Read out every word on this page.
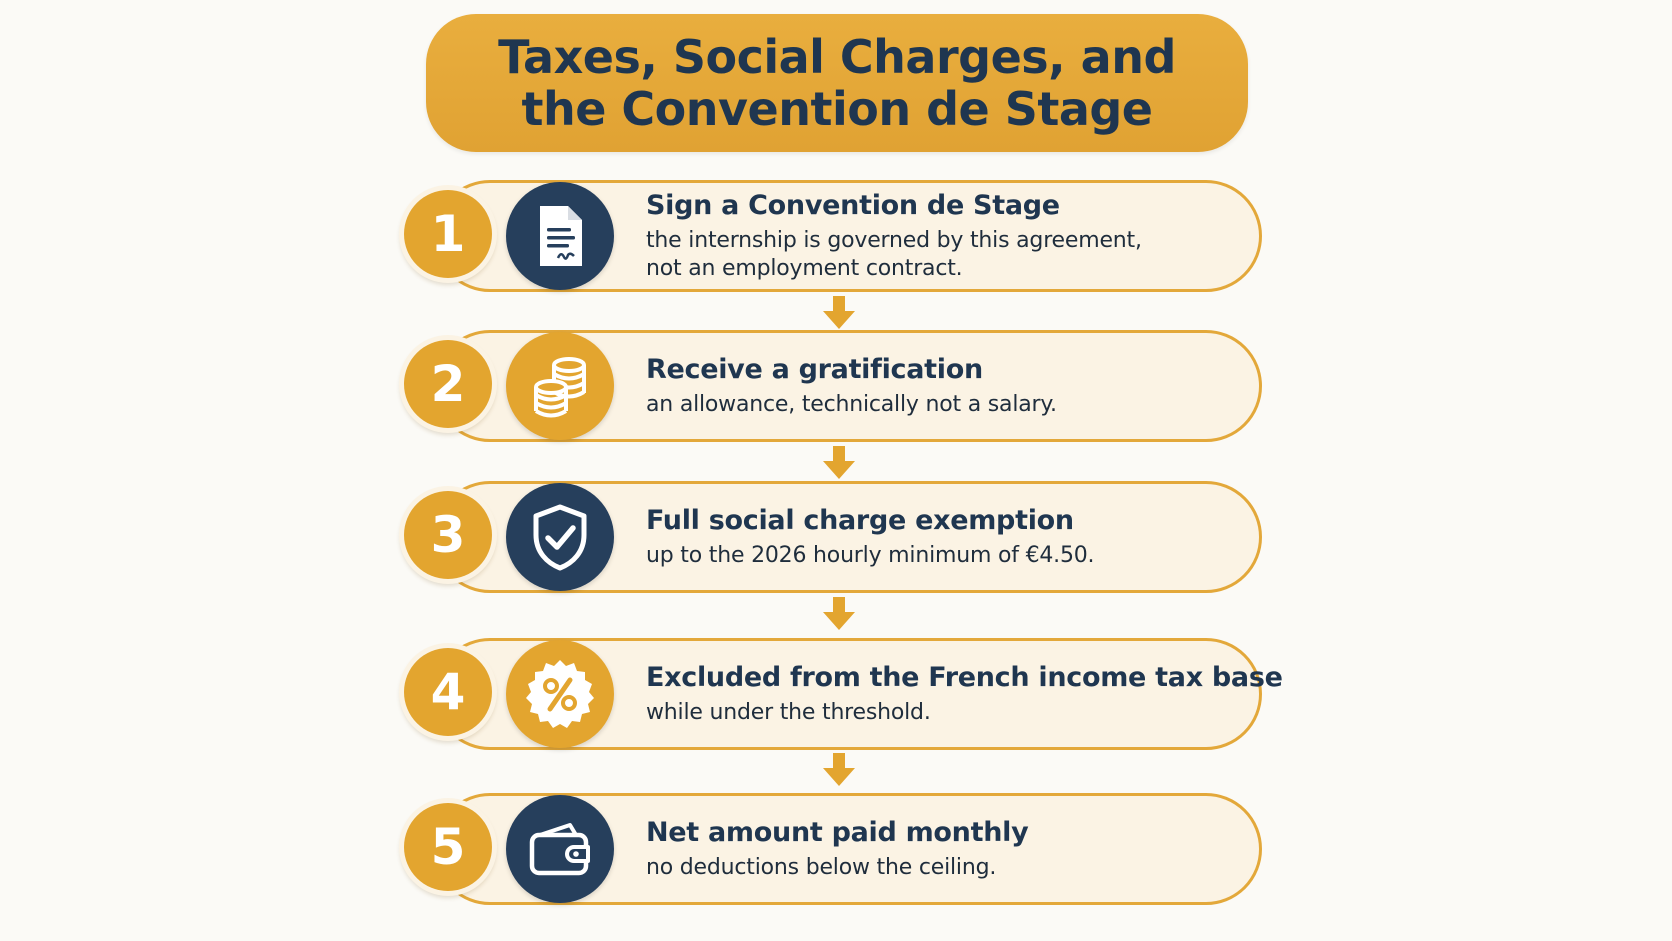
Taxes, Social Charges, and
the Convention de Stage
1	Sign a Convention de Stage
the internship is governed by this agreement,
not an employment contract.
2	Receive a gratification
an allowance, technically not a salary.
3	Full social charge exemption
up to the 2026 hourly minimum of €4.50.
4	Excluded from the French income tax base
while under the threshold.
5	Net amount paid monthly
no deductions below the ceiling.
